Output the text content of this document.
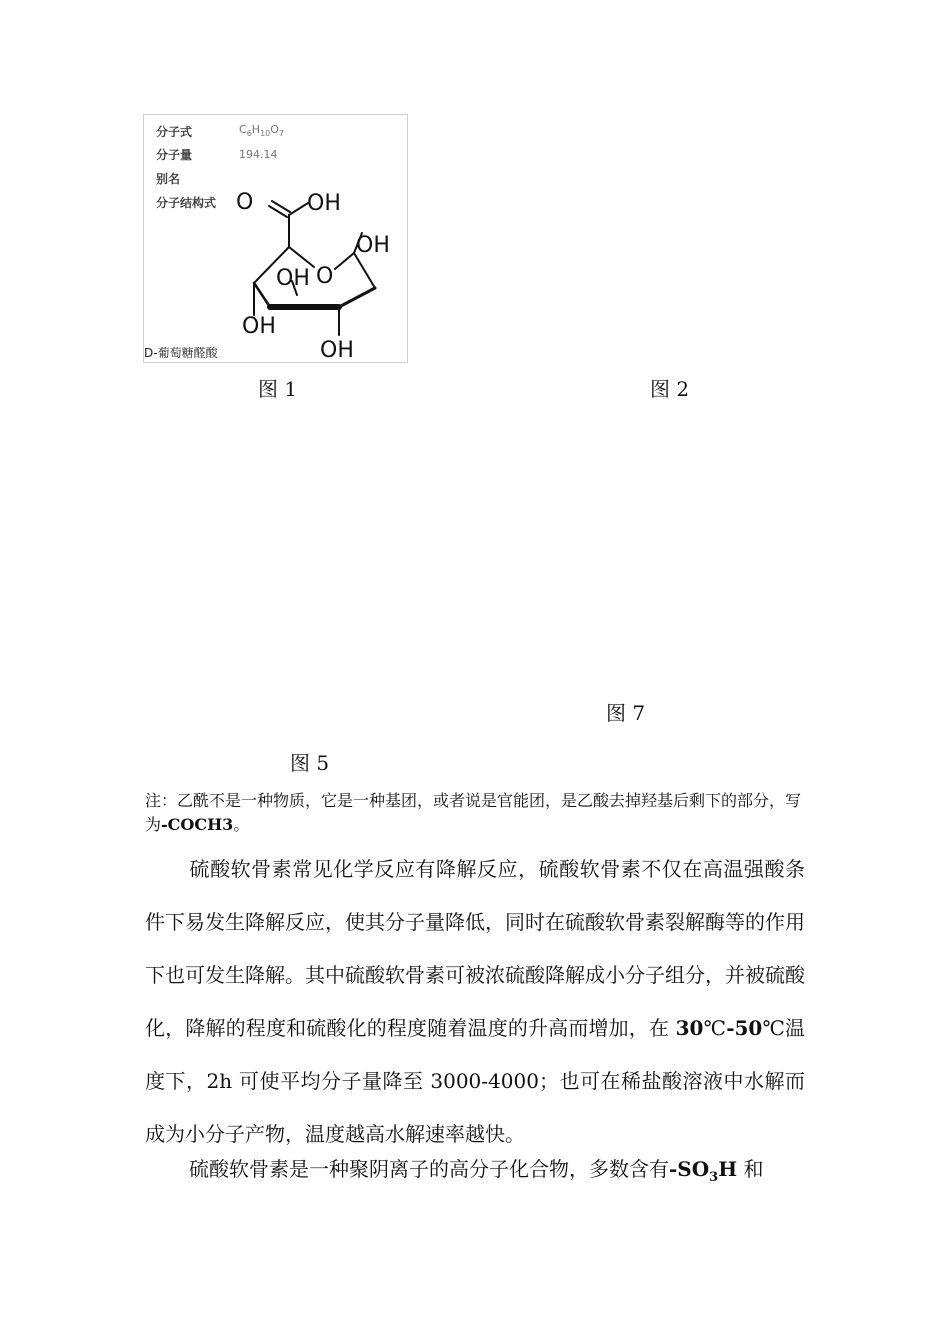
分子式	$C_6H_{10}O_7$
分子量	194.14
别名
分子结构式 O OH
OH
O
OH
OH
OH
D-葡萄糖醛酸
图 1	图 2
图 7
图 5
注：乙酰不是一种物质，它是一种基团，或者说是官能团，是乙酸去掉羟基后剩下的部分，写为-COCH3。
硫酸软骨素常见化学反应有降解反应，硫酸软骨素不仅在高温强酸条件下易发生降解反应，使其分子量降低，同时在硫酸软骨素裂解酶等的作用下也可发生降解。其中硫酸软骨素可被浓硫酸降解成小分子组分，并被硫酸化，降解的程度和硫酸化的程度随着温度的升高而增加，在 30℃-50℃温度下，2h 可使平均分子量降至 3000-4000；也可在稀盐酸溶液中水解而成为小分子产物，温度越高水解速率越快。
硫酸软骨素是一种聚阴离子的高分子化合物，多数含有$-SO_3H$ 和
